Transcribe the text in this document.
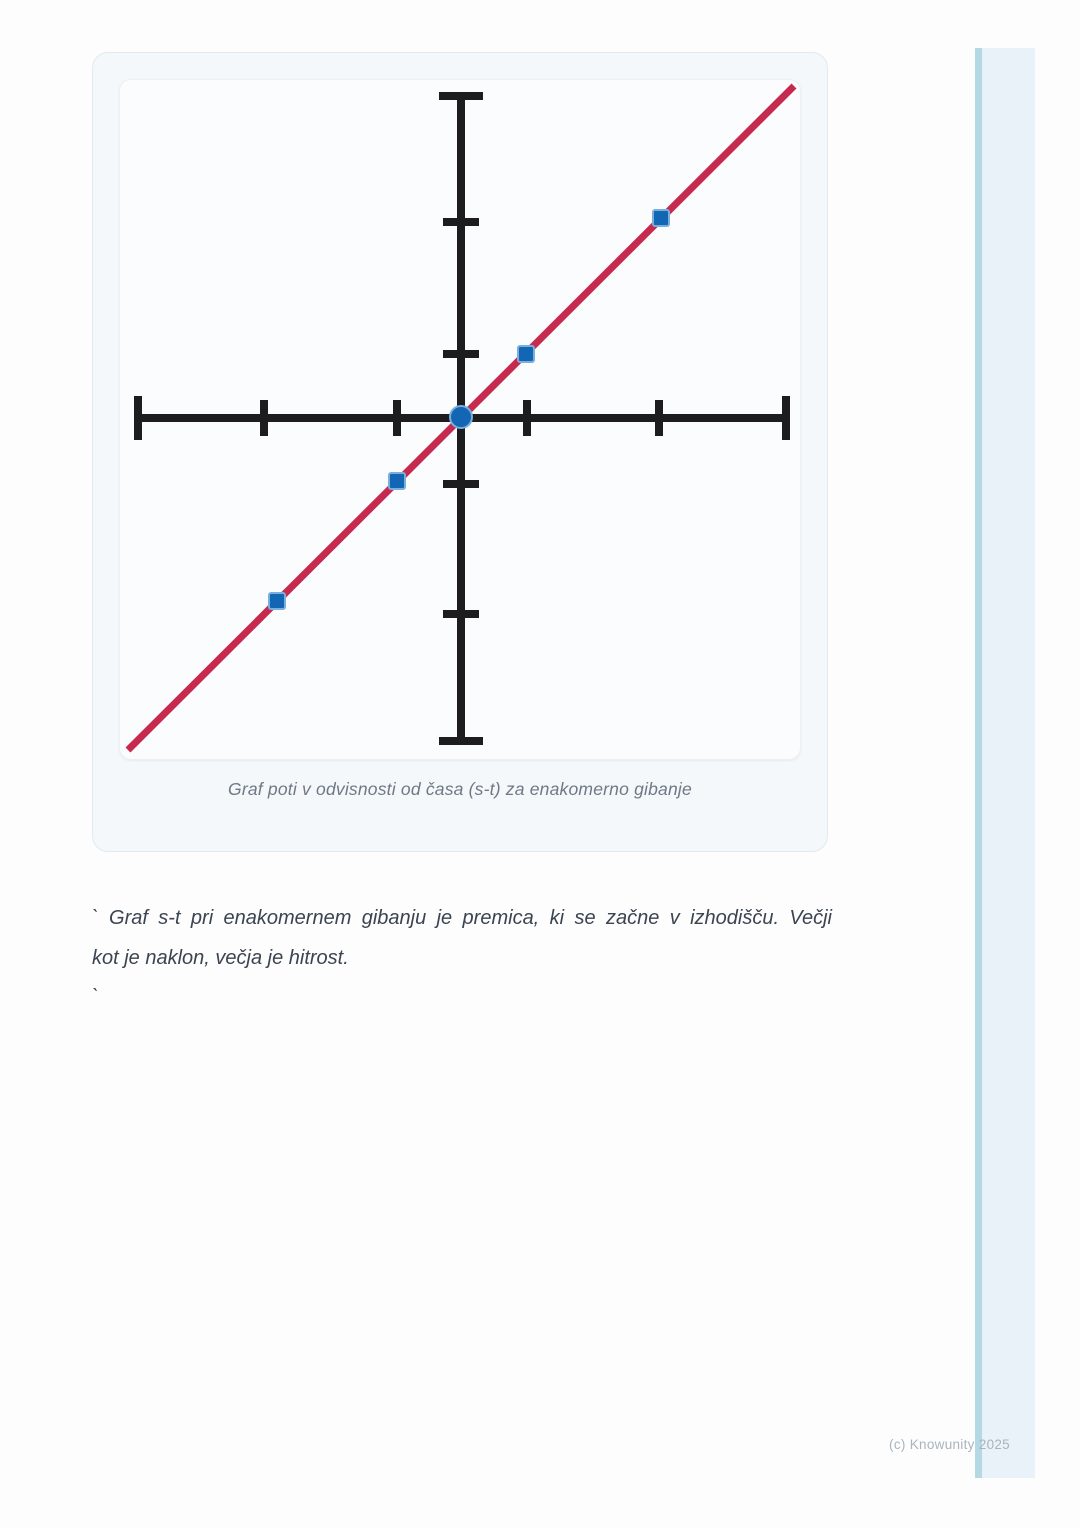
Graf poti v odvisnosti od časa (s-t) za enakomerno gibanje
` Graf s-t pri enakomernem gibanju je premica, ki se začne v izhodišču. Večji
kot je naklon, večja je hitrost.
`
(c) Knowunity 2025
